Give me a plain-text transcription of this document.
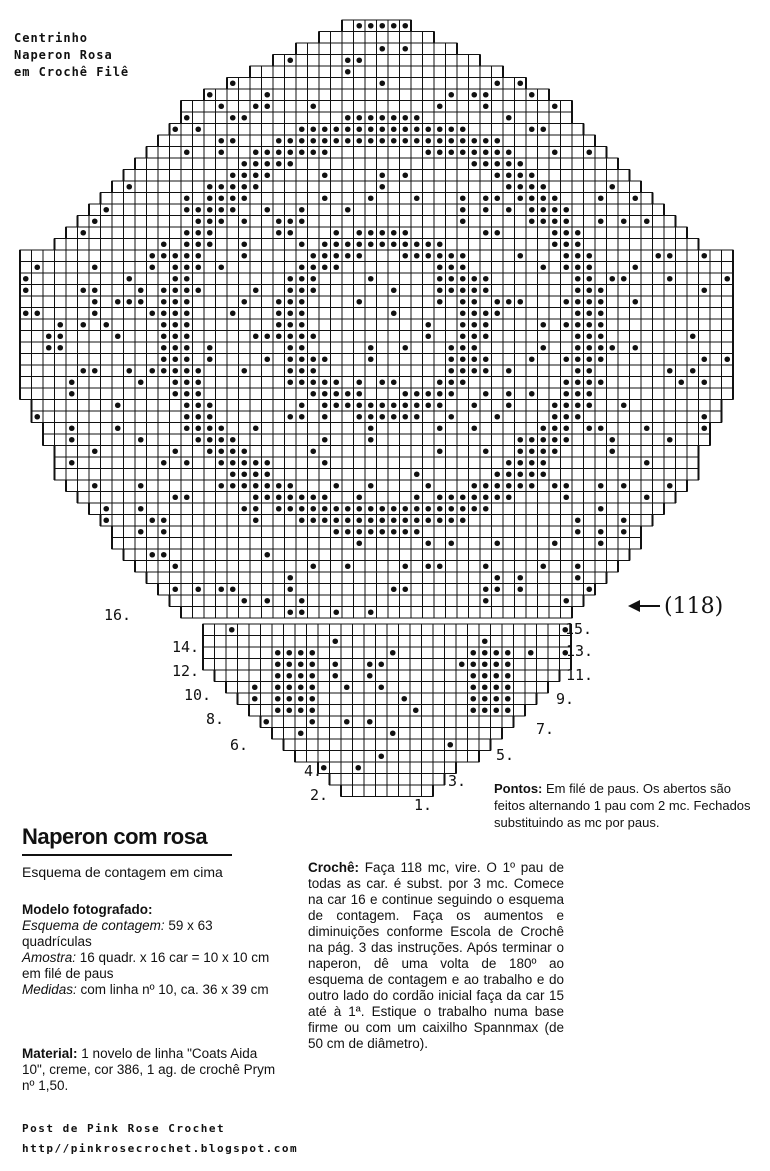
Centrinho
Naperon Rosa
em Crochê Filê
(118)
16.
15.
14.	13.
12.	11.
10.	9.
8.
7.
6.
5.
4.
3.
2.
1.
Pontos: Em filé de paus. Os abertos são feitos alternando 1 pau com 2 mc. Fechados substituindo as mc por paus.
Naperon com rosa
Esquema de contagem em cima
Modelo fotografado:
Esquema de contagem: 59 x 63 quadrículas
Amostra: 16 quadr. x 16 car = 10 x 10 cm em filé de paus
Medidas: com linha nº 10, ca. 36 x 39 cm
Material: 1 novelo de linha "Coats Aida 10", creme, cor 386, 1 ag. de crochê Prym nº 1,50.
Crochê: Faça 118 mc, vire. O 1º pau de todas as car. é subst. por 3 mc. Comece na car 16 e continue seguindo o esquema de contagem. Faça os aumentos e diminuições conforme Escola de Crochê na pág. 3 das instruções. Após terminar o naperon, dê uma volta de 180º ao esquema de contagem e ao trabalho e do outro lado do cordão inicial faça da car 15 até à 1ª. Estique o trabalho numa base firme ou com um caixilho Spannmax (de 50 cm de diâmetro).
Post de Pink Rose Crochet
http//pinkrosecrochet.blogspot.com
